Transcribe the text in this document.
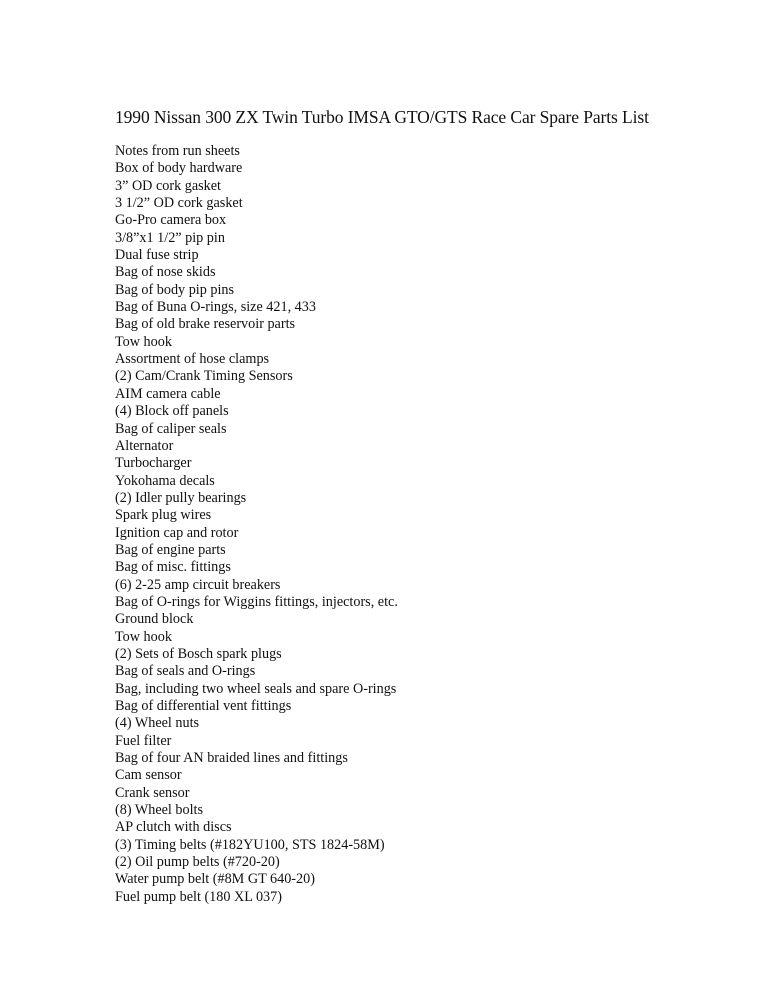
1990 Nissan 300 ZX Twin Turbo IMSA GTO/GTS Race Car Spare Parts List
Notes from run sheets
Box of body hardware
3” OD cork gasket
3 1/2” OD cork gasket
Go-Pro camera box
3/8”x1 1/2” pip pin
Dual fuse strip
Bag of nose skids
Bag of body pip pins
Bag of Buna O-rings, size 421, 433
Bag of old brake reservoir parts
Tow hook
Assortment of hose clamps
(2) Cam/Crank Timing Sensors
AIM camera cable
(4) Block off panels
Bag of caliper seals
Alternator
Turbocharger
Yokohama decals
(2) Idler pully bearings
Spark plug wires
Ignition cap and rotor
Bag of engine parts
Bag of misc. fittings
(6) 2-25 amp circuit breakers
Bag of O-rings for Wiggins fittings, injectors, etc.
Ground block
Tow hook
(2) Sets of Bosch spark plugs
Bag of seals and O-rings
Bag, including two wheel seals and spare O-rings
Bag of differential vent fittings
(4) Wheel nuts
Fuel filter
Bag of four AN braided lines and fittings
Cam sensor
Crank sensor
(8) Wheel bolts
AP clutch with discs
(3) Timing belts (#182YU100, STS 1824-58M)
(2) Oil pump belts (#720-20)
Water pump belt (#8M GT 640-20)
Fuel pump belt (180 XL 037)
